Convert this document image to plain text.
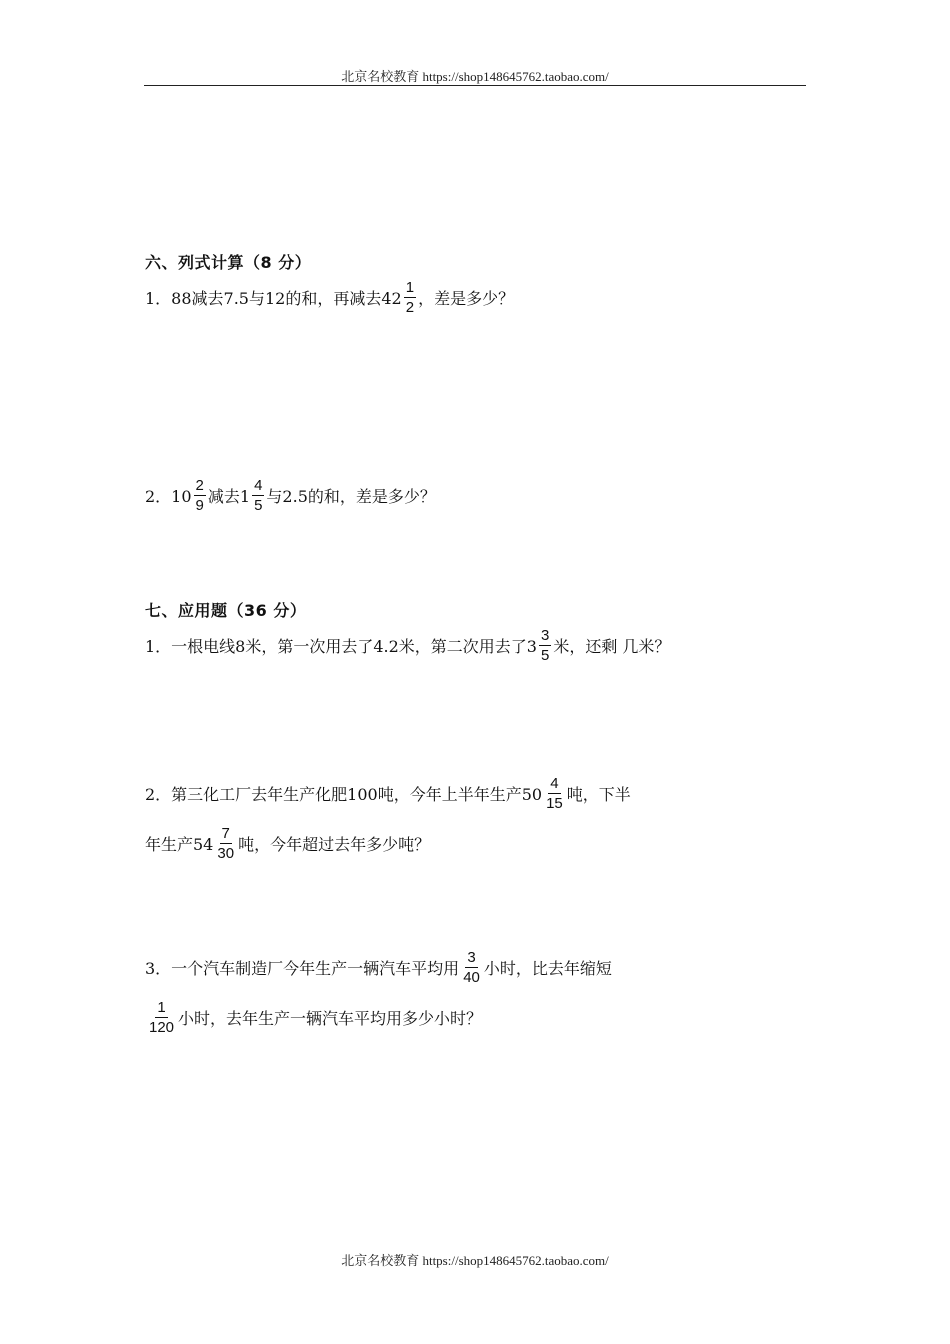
北京名校教育 https://shop148645762.taobao.com/
六、列式计算（8 分）
1．88减去7.5与12的和，再减去$42 \frac{1}{2}$ ，差是多少？
2．$10 \frac{2}{9}$ 减去$1 \frac{4}{5}$ 与2.5的和，差是多少？
七、应用题（36 分）
1．一根电线8米，第一次用去了4.2米，第二次用去了$3 \frac{3}{5}$ 米，还剩 几米？
2．第三化工厂去年生产化肥100吨，今年上半年生产$50 \frac{4}{15}$ 吨，下半
年生产$54 \frac{7}{30}$ 吨，今年超过去年多少吨？
3．一个汽车制造厂今年生产一辆汽车平均用 $\frac{3}{40}$ 小时，比去年缩短
$\frac{1}{120}$ 小时，去年生产一辆汽车平均用多少小时？
北京名校教育 https://shop148645762.taobao.com/
